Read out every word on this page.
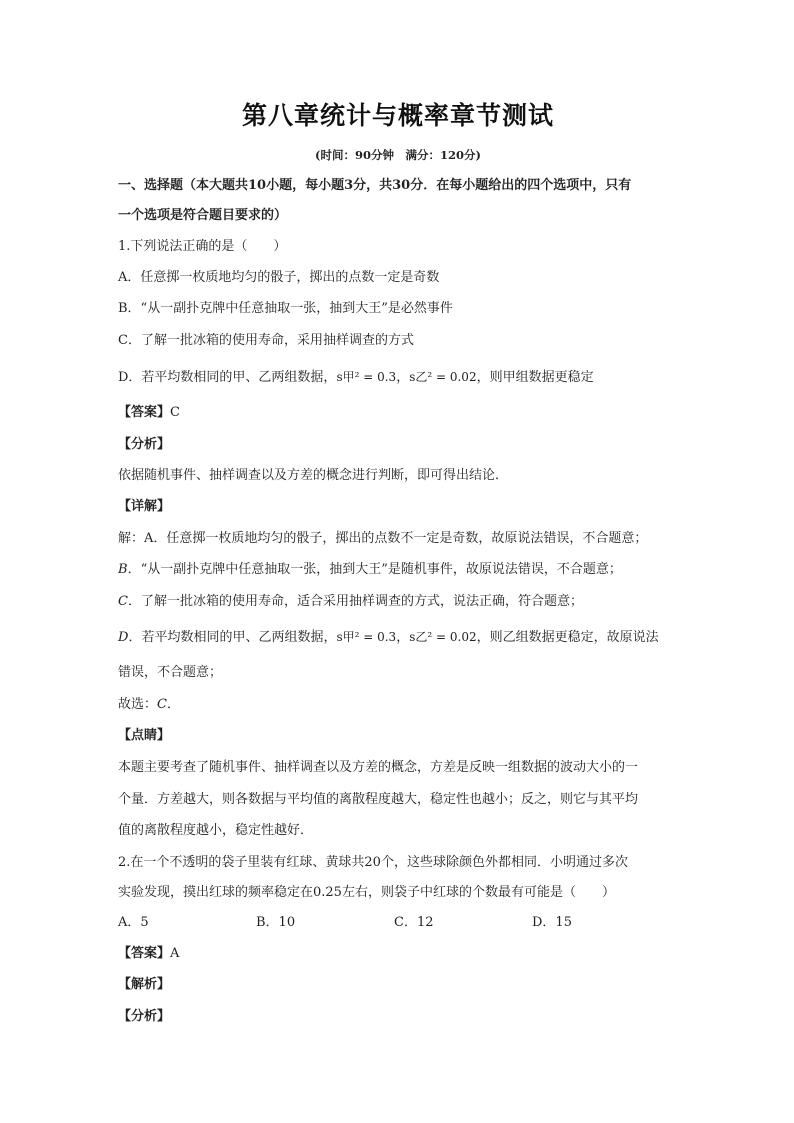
第八章统计与概率章节测试
(时间：90分钟　满分：120分)
一、选择题（本大题共10小题，每小题3分，共30分．在每小题给出的四个选项中，只有
一个选项是符合题目要求的）
1.下列说法正确的是（　　）
A．任意掷一枚质地均匀的骰子，掷出的点数一定是奇数
B．“从一副扑克牌中任意抽取一张，抽到大王”是必然事件
C．了解一批冰箱的使用寿命，采用抽样调查的方式
D．若平均数相同的甲、乙两组数据，s甲² = 0.3，s乙² = 0.02，则甲组数据更稳定
【答案】C
【分析】
依据随机事件、抽样调查以及方差的概念进行判断，即可得出结论．
【详解】
解：A．任意掷一枚质地均匀的骰子，掷出的点数不一定是奇数，故原说法错误，不合题意；
B．“从一副扑克牌中任意抽取一张，抽到大王”是随机事件，故原说法错误，不合题意；
C．了解一批冰箱的使用寿命，适合采用抽样调查的方式，说法正确，符合题意；
D．若平均数相同的甲、乙两组数据，s甲² = 0.3，s乙² = 0.02，则乙组数据更稳定，故原说法
错误，不合题意；
故选：C．
【点睛】
本题主要考查了随机事件、抽样调查以及方差的概念，方差是反映一组数据的波动大小的一
个量．方差越大，则各数据与平均值的离散程度越大，稳定性也越小；反之，则它与其平均
值的离散程度越小，稳定性越好．
2.在一个不透明的袋子里装有红球、黄球共20个，这些球除颜色外都相同．小明通过多次
实验发现，摸出红球的频率稳定在0.25左右，则袋子中红球的个数最有可能是（　　）
A．5	B．10	C．12	D．15
【答案】A
【解析】
【分析】
